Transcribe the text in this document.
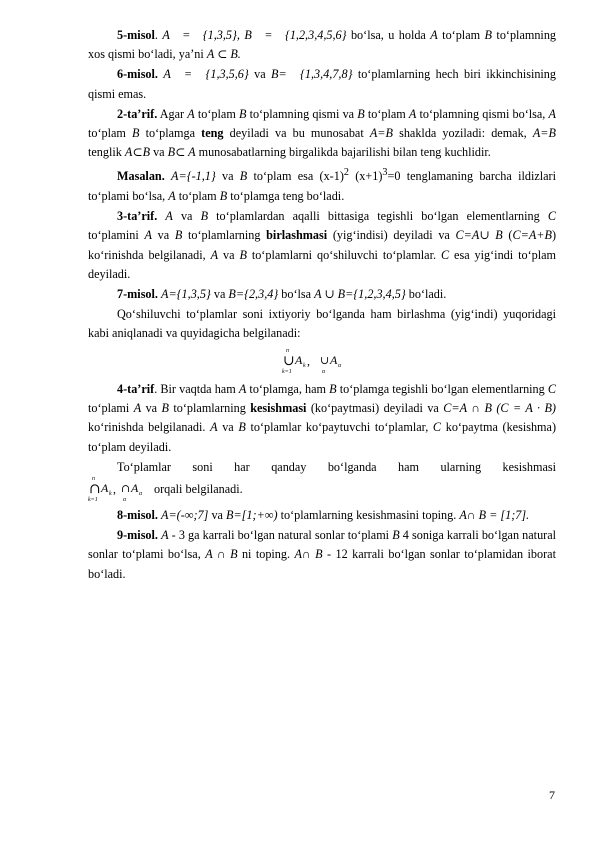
5-misol. A = {1,3,5}, B = {1,2,3,4,5,6} bo‘lsa, u holda A to‘plam B to‘plamning xos qismi bo‘ladi, ya’ni A ⊂ B.

6-misol. A = {1,3,5,6} va B= {1,3,4,7,8} to‘plamlarning hech biri ikkinchisining qismi emas.

2-ta’rif. Agar A to‘plam B to‘plamning qismi va B to‘plam A to‘plamning qismi bo‘lsa, A to‘plam B to‘plamga teng deyiladi va bu munosabat A=B shaklda yoziladi: demak, A=B tenglik A⊂B va B⊂ A munosabatlarning birgalikda bajarilishi bilan teng kuchlidir.

Masalan. A={-1,1} va B to‘plam esa $(x-1)^2$ $(x+1)^3=0$ tenglamaning barcha ildizlari to‘plami bo‘lsa, A to‘plam B to‘plamga teng bo‘ladi.

3-ta’rif. A va B to‘plamlardan aqalli bittasiga tegishli bo‘lgan elementlarning C to‘plamini A va B to‘plamlarning birlashmasi (yig‘indisi) deyiladi va C=A∪ B (C=A+B) ko‘rinishda belgilanadi, A va B to‘plamlarni qo‘shiluvchi to‘plamlar. C esa yig‘indi to‘plam deyiladi.

7-misol. A={1,3,5} va B={2,3,4} bo‘lsa A ∪ B={1,2,3,4,5} bo‘ladi.

Qo‘shiluvchi to‘plamlar soni ixtiyoriy bo‘lganda ham birlashma (yig‘indi) yuqoridagi kabi aniqlanadi va quyidagicha belgilanadi:

n
∪
k=1
A k , ∪
α
A α

4-ta’rif. Bir vaqtda ham A to‘plamga, ham B to‘plamga tegishli bo‘lgan elementlarning C to‘plami A va B to‘plamlarning kesishmasi (ko‘paytmasi) deyiladi va C=A ∩ B (C = A · B) ko‘rinishda belgilanadi. A va B to‘plamlar ko‘paytuvchi to‘plamlar, C ko‘paytma (kesishma) to‘plam deyiladi.

To‘plamlar soni har qanday bo‘lganda ham ularning kesishmasi

n
∩
k=1
A k , ∩
α
A α orqali belgilanadi.

8-misol. A=(-∞;7] va B=[1;+∞) to‘plamlarning kesishmasini toping. A∩ B = [1;7].

9-misol. A - 3 ga karrali bo‘lgan natural sonlar to‘plami B 4 soniga karrali bo‘lgan natural sonlar to‘plami bo‘lsa, A ∩ B ni toping. A∩ B - 12 karrali bo‘lgan sonlar to‘plamidan iborat bo‘ladi.

7
